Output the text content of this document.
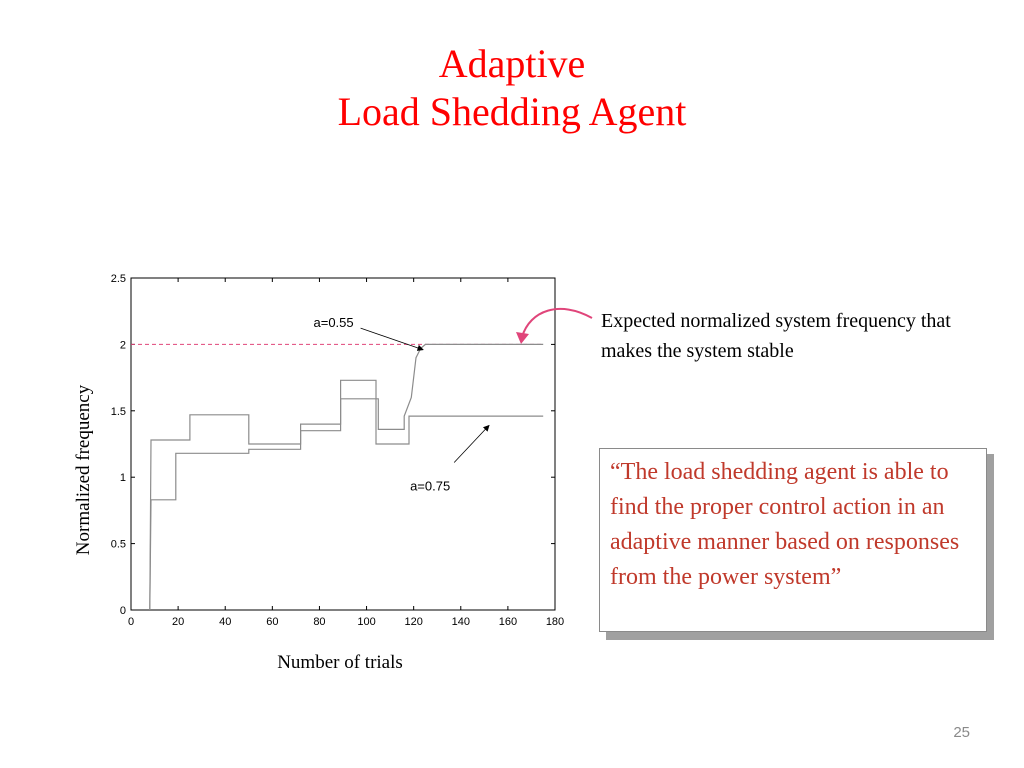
Adaptive
Load Shedding Agent
0	20	40	60	80	100	120	140	160	180
0
0.5
1
1.5
2
2.5
a=0.55
a=0.75
Number of trials
Normalized frequency
Expected normalized system frequency that makes the system stable
“The load shedding agent is able to find the proper control action in an adaptive manner based on responses from the power system”
25
